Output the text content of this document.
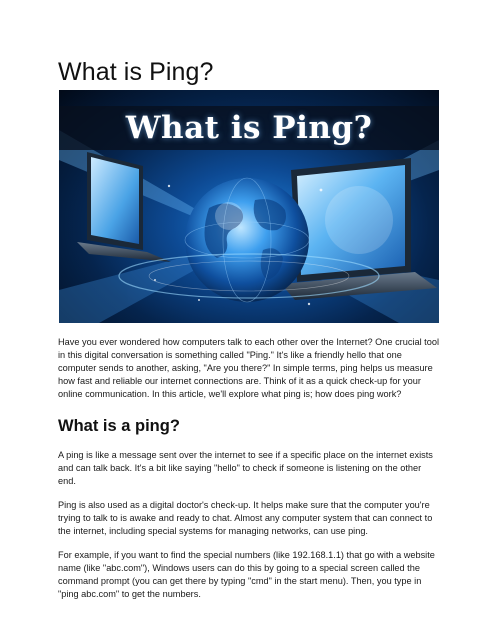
What is Ping?
What is Ping?

Have you ever wondered how computers talk to each other over the Internet? One crucial tool in this digital conversation is something called "Ping." It's like a friendly hello that one computer sends to another, asking, "Are you there?" In simple terms, ping helps us measure how fast and reliable our internet connections are. Think of it as a quick check-up for your online communication. In this article, we'll explore what ping is; how does ping work?

What is a ping?

A ping is like a message sent over the internet to see if a specific place on the internet exists and can talk back. It's a bit like saying "hello" to check if someone is listening on the other end.

Ping is also used as a digital doctor's check-up. It helps make sure that the computer you're trying to talk to is awake and ready to chat. Almost any computer system that can connect to the internet, including special systems for managing networks, can use ping.

For example, if you want to find the special numbers (like 192.168.1.1) that go with a website name (like "abc.com"), Windows users can do this by going to a special screen called the command prompt (you can get there by typing "cmd" in the start menu). Then, you type in "ping abc.com" to get the numbers.
